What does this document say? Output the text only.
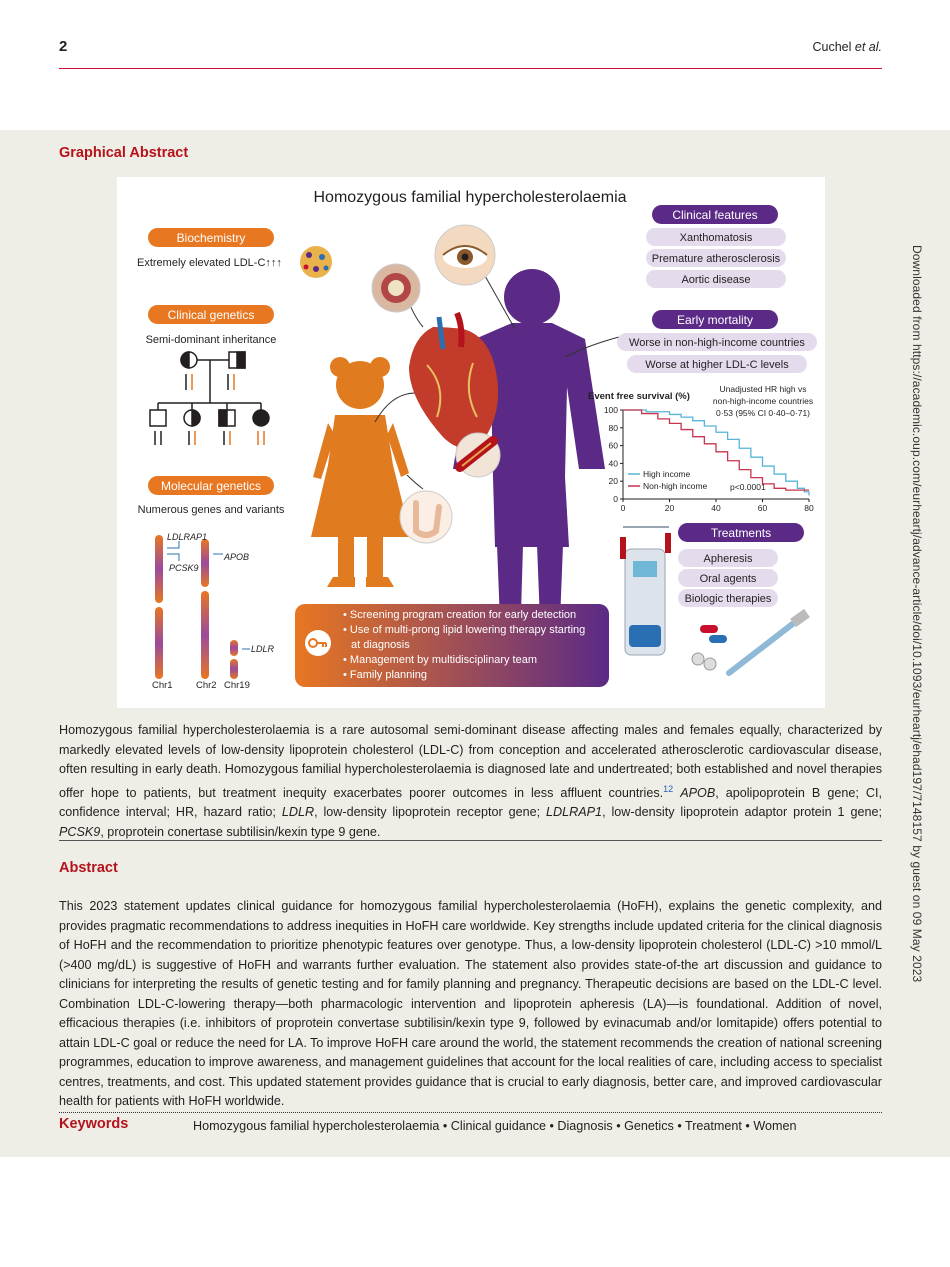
2	Cuchel et al.
Graphical Abstract
Homozygous familial hypercholesterolaemia
Biochemistry
Extremely elevated LDL-C↑↑↑
Clinical genetics
Semi-dominant inheritance
Molecular genetics
Numerous genes and variants
LDLRAP1
PCSK9
APOB
LDLR
Chr1 Chr2 Chr19
Clinical features
Xanthomatosis
Premature atherosclerosis
Aortic disease
Early mortality
Worse in non-high-income countries
Worse at higher LDL-C levels
Event free survival (%)
Unadjusted HR high vs
non-high-income countries
0·53 (95% CI 0·40–0·71)
0	20	40	60	80
0
20
40
60
80
100
High income
Non-high income	p<0.0001
Treatments
Apheresis
Oral agents
Biologic therapies
• Screening program creation for early detection
• Use of multi-prong lipid lowering therapy starting
at diagnosis
• Management by multidisciplinary team
• Family planning
Homozygous familial hypercholesterolaemia is a rare autosomal semi-dominant disease affecting males and females equally, characterized by markedly elevated levels of low-density lipoprotein cholesterol (LDL-C) from conception and accelerated atherosclerotic cardiovascular disease, often resulting in early death. Homozygous familial hypercholesterolaemia is diagnosed late and undertreated; both established and novel therapies offer hope to patients, but treatment inequity exacerbates poorer outcomes in less affluent countries.$^{12}$ APOB, apolipoprotein B gene; CI, confidence interval; HR, hazard ratio; LDLR, low-density lipoprotein receptor gene; LDLRAP1, low-density lipoprotein adaptor protein 1 gene; PCSK9, proprotein conertase subtilisin/kexin type 9 gene.
Abstract
This 2023 statement updates clinical guidance for homozygous familial hypercholesterolaemia (HoFH), explains the genetic complexity, and provides pragmatic recommendations to address inequities in HoFH care worldwide. Key strengths include updated criteria for the clinical diagnosis of HoFH and the recommendation to prioritize phenotypic features over genotype. Thus, a low-density lipoprotein cholesterol (LDL-C) >10 mmol/L (>400 mg/dL) is suggestive of HoFH and warrants further evaluation. The statement also provides state-of-the art discussion and guidance to clinicians for interpreting the results of genetic testing and for family planning and pregnancy. Therapeutic decisions are based on the LDL-C level. Combination LDL-C-lowering therapy—both pharmacologic intervention and lipoprotein apheresis (LA)—is foundational. Addition of novel, efficacious therapies (i.e. inhibitors of proprotein convertase subtilisin/kexin type 9, followed by evinacumab and/or lomitapide) offers potential to attain LDL-C goal or reduce the need for LA. To improve HoFH care around the world, the statement recommends the creation of national screening programmes, education to improve awareness, and management guidelines that account for the local realities of care, including access to specialist centres, treatments, and cost. This updated statement provides guidance that is crucial to early diagnosis, better care, and improved cardiovascular health for patients with HoFH worldwide.
Keywords	Homozygous familial hypercholesterolaemia • Clinical guidance • Diagnosis • Genetics • Treatment • Women
Downloaded from https://academic.oup.com/eurheartj/advance-article/doi/10.1093/eurheartj/ehad197/7148157 by guest on 09 May 2023
